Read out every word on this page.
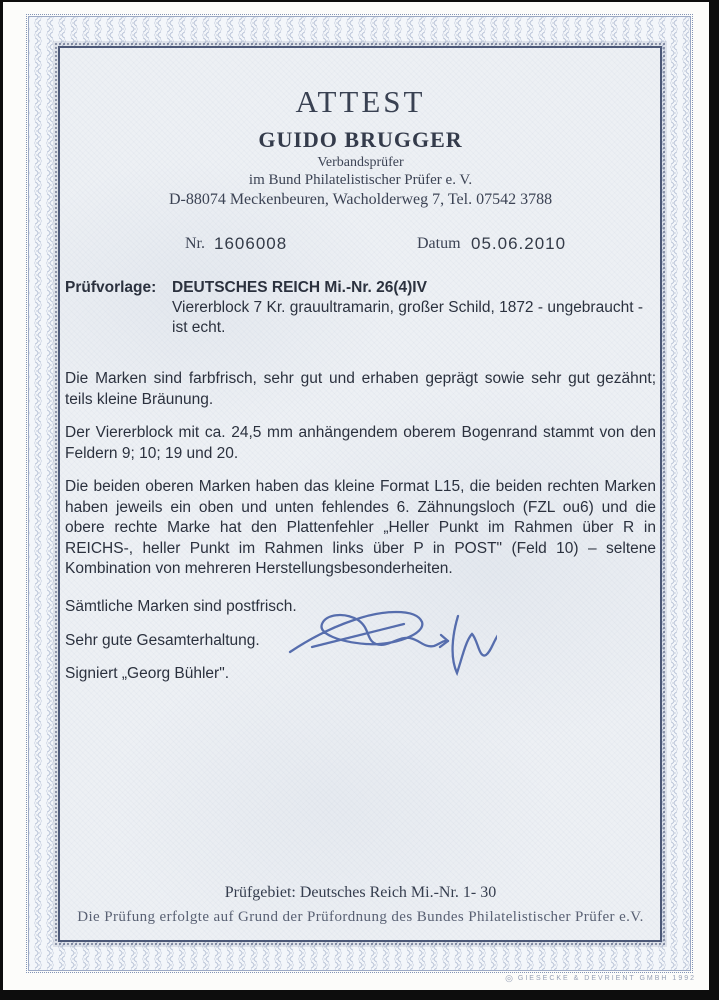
ATTEST
GUIDO BRUGGER
Verbandsprüfer
im Bund Philatelistischer Prüfer e. V.
D-88074 Meckenbeuren, Wacholderweg 7, Tel. 07542 3788
Nr. 1606008	Datum 05.06.2010
Prüfvorlage:	DEUTSCHES REICH Mi.-Nr. 26(4)IV
Viererblock 7 Kr. grauultramarin, großer Schild, 1872 - ungebraucht - ist echt.

Die Marken sind farbfrisch, sehr gut und erhaben geprägt sowie sehr gut gezähnt; teils kleine Bräunung.

Der Viererblock mit ca. 24,5 mm anhängendem oberem Bogenrand stammt von den Feldern 9; 10; 19 und 20.

Die beiden oberen Marken haben das kleine Format L15, die beiden rechten Marken haben jeweils ein oben und unten fehlendes 6. Zähnungsloch (FZL ou6) und die obere rechte Marke hat den Plattenfehler „Heller Punkt im Rahmen über R in REICHS-, heller Punkt im Rahmen links über P in POST" (Feld 10) – seltene Kombination von mehreren Herstellungsbesonderheiten.

Sämtliche Marken sind postfrisch.

Sehr gute Gesamterhaltung.

Signiert „Georg Bühler".

Prüfgebiet: Deutsches Reich Mi.-Nr. 1- 30
Die Prüfung erfolgte auf Grund der Prüfordnung des Bundes Philatelistischer Prüfer e.V.
◎ GIESECKE & DEVRIENT GMBH 1992
